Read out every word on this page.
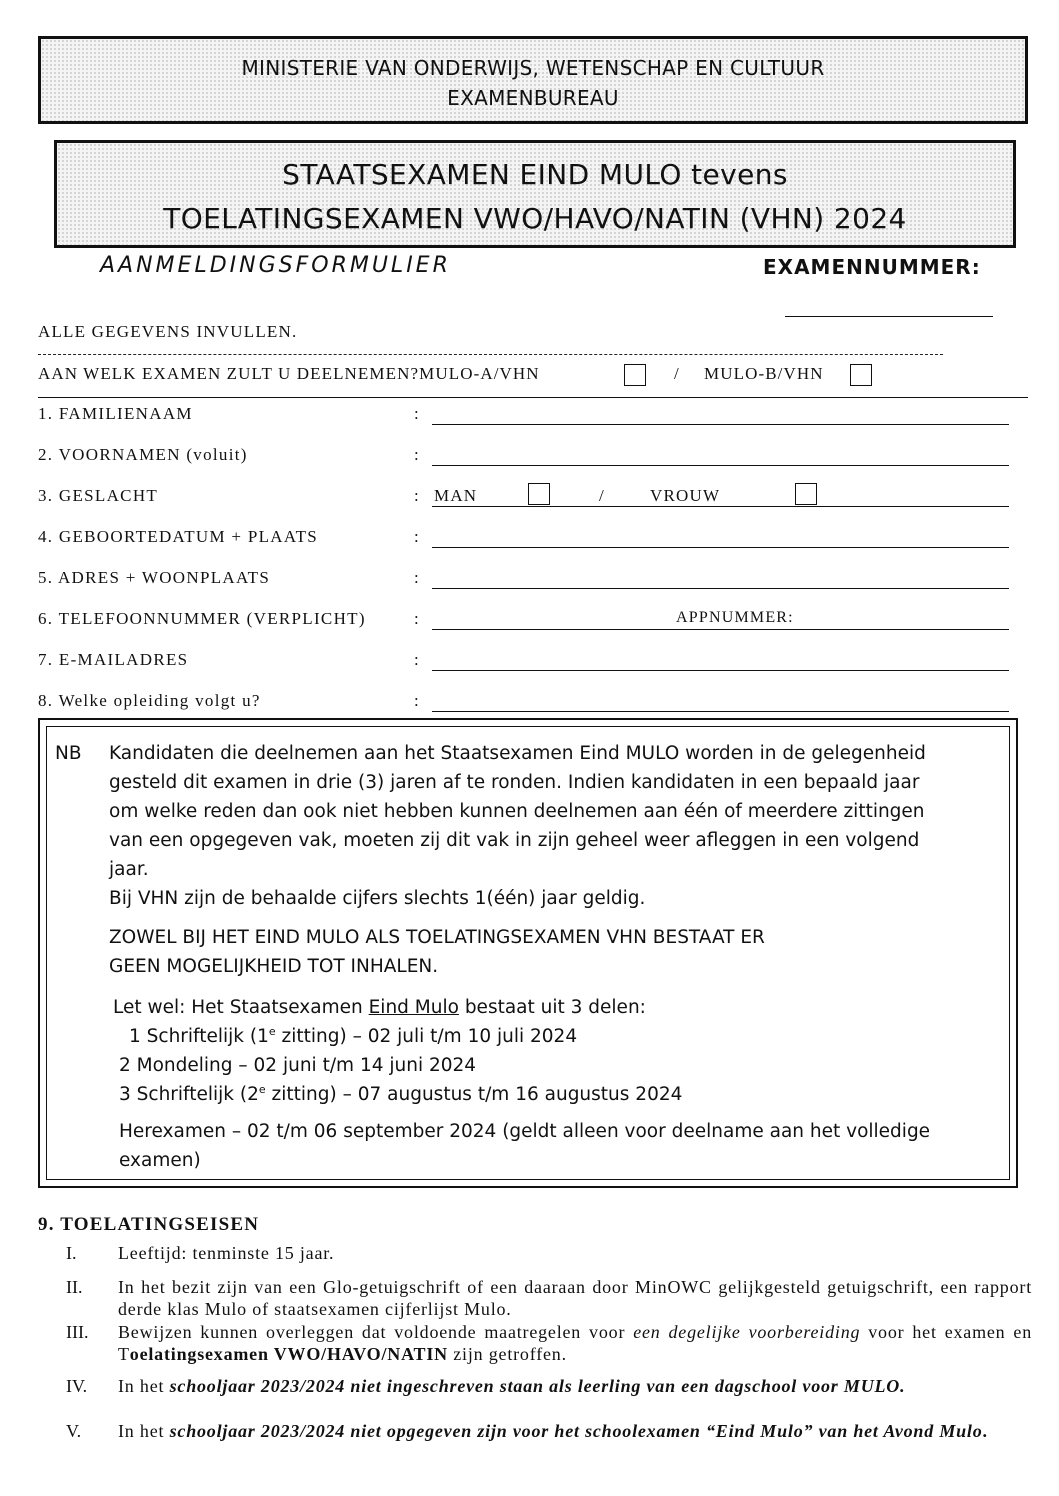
MINISTERIE VAN ONDERWIJS, WETENSCHAP EN CULTUUR
EXAMENBUREAU
STAATSEXAMEN EIND MULO tevens
TOELATINGSEXAMEN VWO/HAVO/NATIN (VHN) 2024
AANMELDINGSFORMULIER	EXAMENNUMMER:
ALLE GEGEVENS INVULLEN.
AAN WELK EXAMEN ZULT U DEELNEMEN?MULO-A/VHN	/ MULO-B/VHN
1. FAMILIENAAM	:
2. VOORNAMEN (voluit)	:
3. GESLACHT	: MAN	/	VROUW
4. GEBOORTEDATUM + PLAATS	:
5. ADRES + WOONPLAATS	:
6. TELEFOONNUMMER (VERPLICHT)	:	APPNUMMER:
7. E-MAILADRES	:
8. Welke opleiding volgt u?	:
NB Kandidaten die deelnemen aan het Staatsexamen Eind MULO worden in de gelegenheid

gesteld dit examen in drie (3) jaren af te ronden. Indien kandidaten in een bepaald jaar

om welke reden dan ook niet hebben kunnen deelnemen aan één of meerdere zittingen

van een opgegeven vak, moeten zij dit vak in zijn geheel weer afleggen in een volgend

jaar.

Bij VHN zijn de behaalde cijfers slechts 1(één) jaar geldig.

ZOWEL BIJ HET EIND MULO ALS TOELATINGSEXAMEN VHN BESTAAT ER

GEEN MOGELIJKHEID TOT INHALEN.

Let wel: Het Staatsexamen Eind Mulo bestaat uit 3 delen:
1 Schriftelijk (1e zitting) – 02 juli t/m 10 juli 2024
2 Mondeling – 02 juni t/m 14 juni 2024
3 Schriftelijk (2e zitting) – 07 augustus t/m 16 augustus 2024

Herexamen – 02 t/m 06 september 2024 (geldt alleen voor deelname aan het volledige

examen)

9. TOELATINGSEISEN
I. Leeftijd: tenminste 15 jaar.
II. In het bezit zijn van een Glo-getuigschrift of een daaraan door MinOWC gelijkgesteld getuigschrift, een rapport derde klas Mulo of staatsexamen cijferlijst Mulo.
III. Bewijzen kunnen overleggen dat voldoende maatregelen voor een degelijke voorbereiding voor het examen en Toelatingsexamen VWO/HAVO/NATIN zijn getroffen.
IV. In het schooljaar 2023/2024 niet ingeschreven staan als leerling van een dagschool voor MULO.
V. In het schooljaar 2023/2024 niet opgegeven zijn voor het schoolexamen “Eind Mulo” van het Avond Mulo.
